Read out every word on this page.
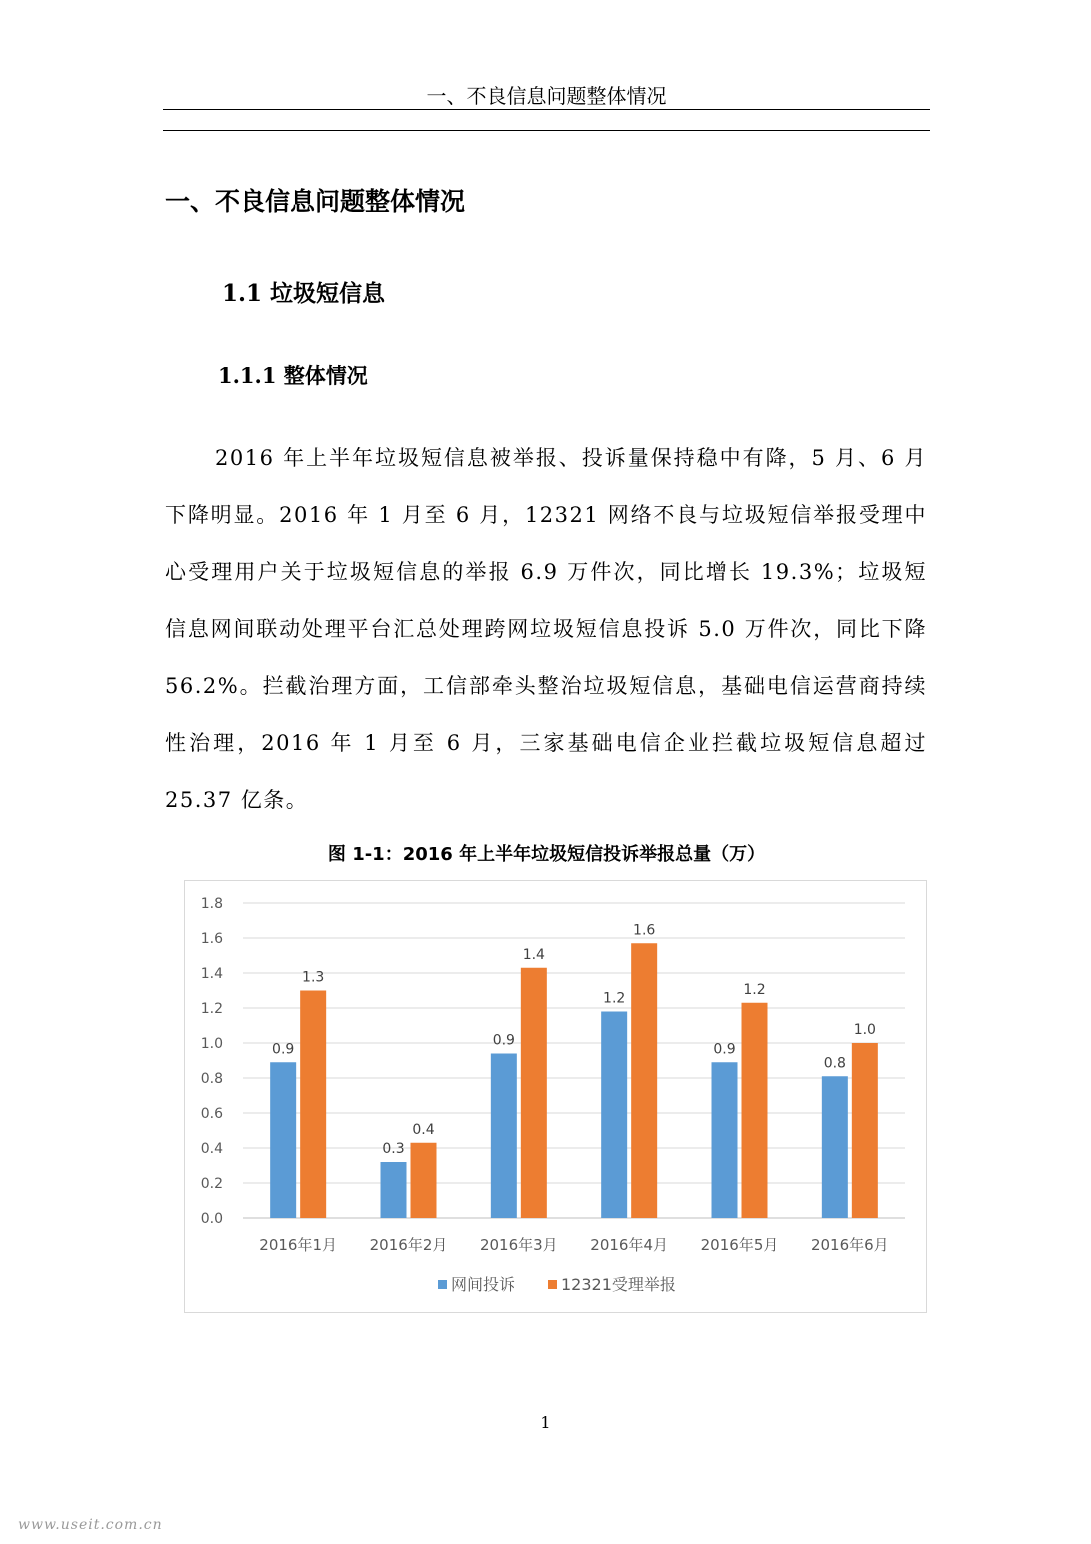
一、不良信息问题整体情况
一、不良信息问题整体情况
1.1 垃圾短信息
1.1.1 整体情况

2016 年上半年垃圾短信息被举报、投诉量保持稳中有降，5 月、6 月下降明显。2016 年 1 月至 6 月，12321 网络不良与垃圾短信举报受理中心受理用户关于垃圾短信息的举报 6.9 万件次，同比增长 19.3%；垃圾短信息网间联动处理平台汇总处理跨网垃圾短信息投诉 5.0 万件次，同比下降 56.2%。拦截治理方面，工信部牵头整治垃圾短信息，基础电信运营商持续性治理，2016 年 1 月至 6 月，三家基础电信企业拦截垃圾短信息超过 25.37 亿条。

图 1-1：2016 年上半年垃圾短信投诉举报总量（万）
0.0
0.2
0.4
0.6
0.8
1.0
1.2
1.4
1.6
1.8
0.9
0.3
0.9
1.2
0.9
0.8
1.3
0.4
1.4
1.6
1.2
1.0
2016年1月 2016年2月 2016年3月 2016年4月 2016年5月 2016年6月
网间投诉	12321受理举报
1
www.useit.com.cn
